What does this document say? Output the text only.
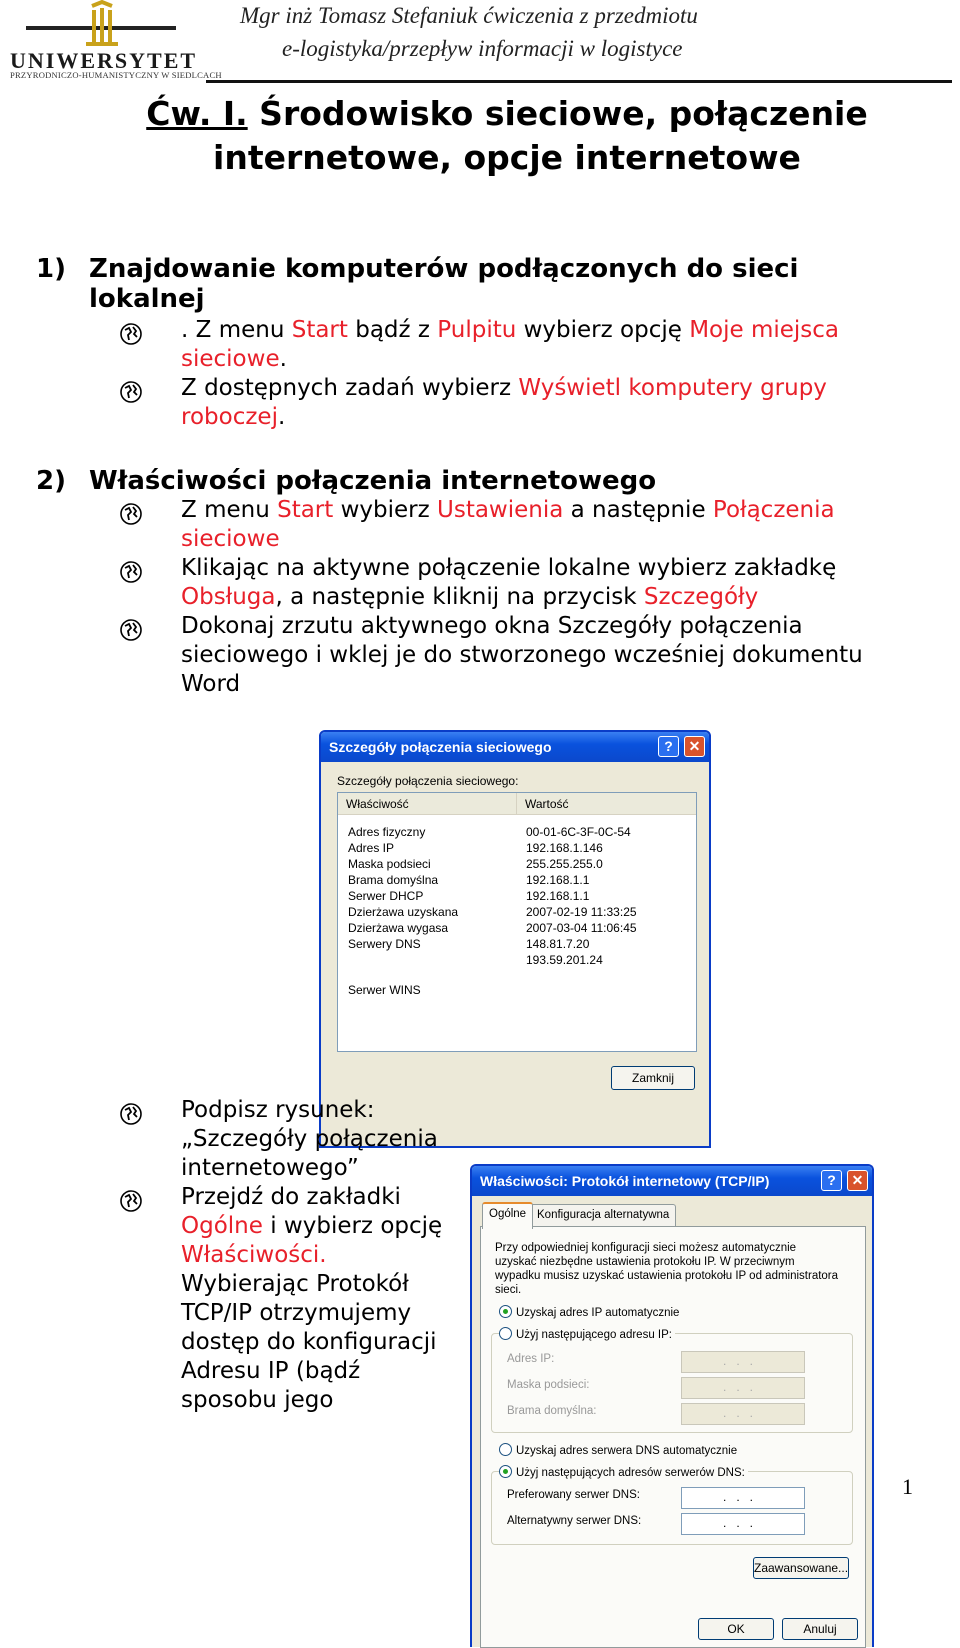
UNIWERSYTET
PRZYRODNICZO-HUMANISTYCZNY W SIEDLCACH
Mgr inż Tomasz Stefaniuk ćwiczenia z przedmiotu
e-logistyka/przepływ informacji w logistyce
Ćw. I. Środowisko sieciowe, połączenie internetowe, opcje internetowe
1) Znajdowanie komputerów podłączonych do sieci lokalnej
. Z menu Start bądź z Pulpitu wybierz opcję Moje miejsca sieciowe.
Z dostępnych zadań wybierz Wyświetl komputery grupy roboczej.
2) Właściwości połączenia internetowego
Z menu Start wybierz Ustawienia a następnie Połączenia sieciowe
Klikając na aktywne połączenie lokalne wybierz zakładkę Obsługa, a następnie kliknij na przycisk Szczegóły
Dokonaj zrzutu aktywnego okna Szczegóły połączenia sieciowego i wklej je do stworzonego wcześniej dokumentu Word
Szczegóły połączenia sieciowego	?	✕
Szczegóły połączenia sieciowego:
Właściwość	Wartość
Adres fizyczny	00-01-6C-3F-0C-54
Adres IP	192.168.1.146
Maska podsieci	255.255.255.0
Brama domyślna	192.168.1.1
Serwer DHCP	192.168.1.1
Dzierżawa uzyskana	2007-02-19 11:33:25
Dzierżawa wygasa	2007-03-04 11:06:45
Serwery DNS	148.81.7.20
193.59.201.24
Serwer WINS
Zamknij
Podpisz rysunek: „Szczegóły połączenia internetowego”
Przejdź do zakładki Ogólne i wybierz opcję Właściwości.
Wybierając Protokół TCP/IP otrzymujemy dostęp do konfiguracji Adresu IP (bądź sposobu jego
Właściwości: Protokół internetowy (TCP/IP)	?	✕
Ogólne Konfiguracja alternatywna
Przy odpowiedniej konfiguracji sieci możesz automatycznie uzyskać niezbędne ustawienia protokołu IP. W przeciwnym wypadku musisz uzyskać ustawienia protokołu IP od administratora sieci.
Uzyskaj adres IP automatycznie
Użyj następującego adresu IP:
Adres IP:	...
Maska podsieci:	...
Brama domyślna:	...
Uzyskaj adres serwera DNS automatycznie
Użyj następujących adresów serwerów DNS:
Preferowany serwer DNS:	...
Alternatywny serwer DNS:	...
Zaawansowane...
OK	Anuluj
1
